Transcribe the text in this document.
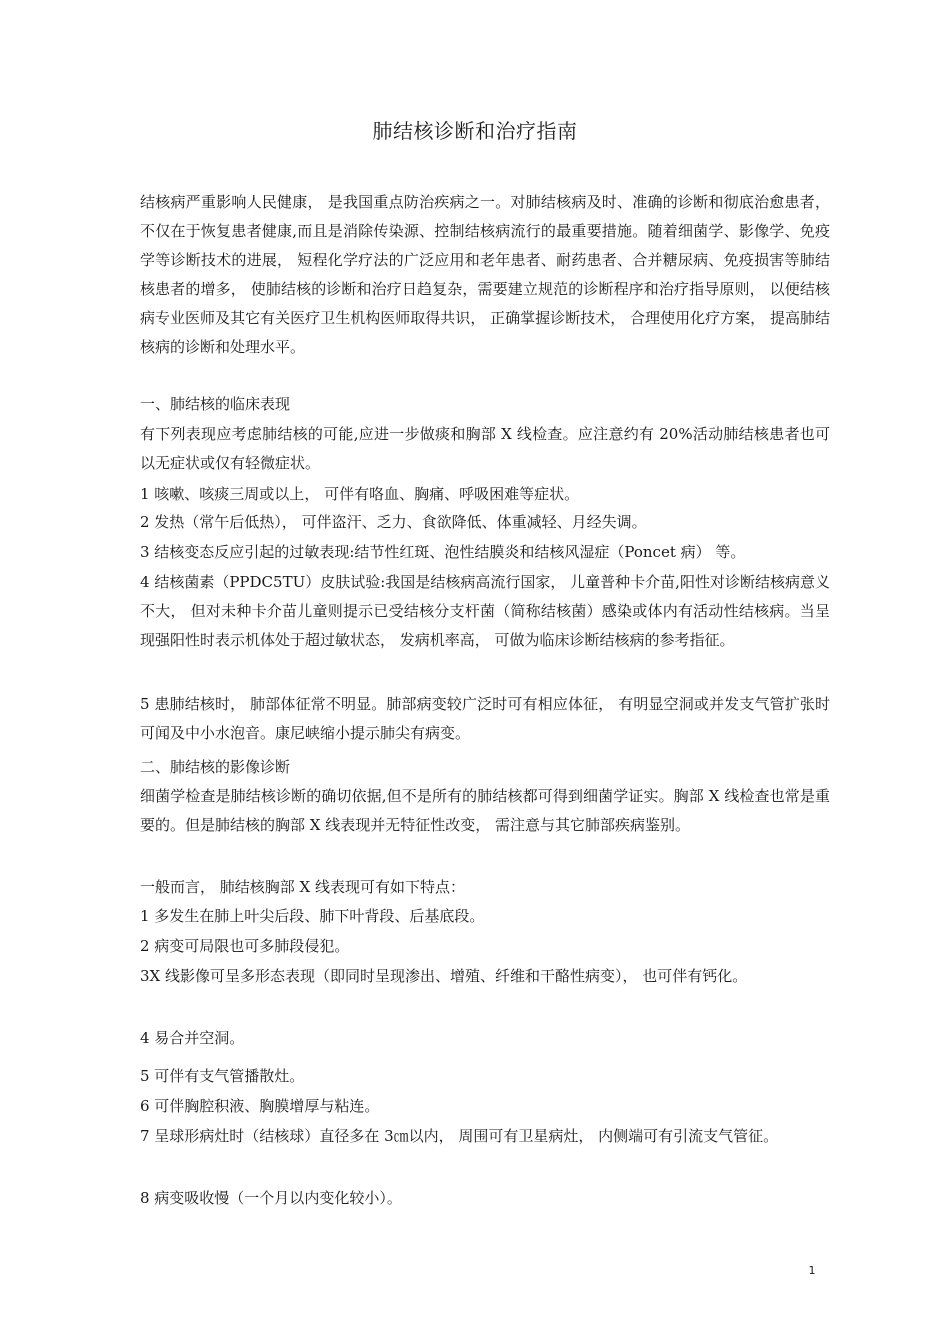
肺结核诊断和治疗指南

结核病严重影响人民健康， 是我国重点防治疾病之一。对肺结核病及时、准确的诊断和彻底治愈患者， 不仅在于恢复患者健康,而且是消除传染源、控制结核病流行的最重要措施。随着细菌学、影像学、免疫学等诊断技术的进展， 短程化学疗法的广泛应用和老年患者、耐药患者、合并糖尿病、免疫损害等肺结核患者的增多， 使肺结核的诊断和治疗日趋复杂，需要建立规范的诊断程序和治疗指导原则， 以便结核病专业医师及其它有关医疗卫生机构医师取得共识， 正确掌握诊断技术， 合理使用化疗方案， 提高肺结核病的诊断和处理水平。

一、肺结核的临床表现

有下列表现应考虑肺结核的可能,应进一步做痰和胸部 X 线检查。应注意约有 20%活动肺结核患者也可以无症状或仅有轻微症状。

1 咳嗽、咳痰三周或以上， 可伴有咯血、胸痛、呼吸困难等症状。

2 发热（常午后低热）， 可伴盗汗、乏力、食欲降低、体重减轻、月经失调。

3 结核变态反应引起的过敏表现:结节性红斑、泡性结膜炎和结核风湿症（Poncet 病） 等。

4 结核菌素（PPDC5TU）皮肤试验:我国是结核病高流行国家， 儿童普种卡介苗,阳性对诊断结核病意义不大， 但对未种卡介苗儿童则提示已受结核分支杆菌（简称结核菌）感染或体内有活动性结核病。当呈现强阳性时表示机体处于超过敏状态， 发病机率高， 可做为临床诊断结核病的参考指征。

5 患肺结核时， 肺部体征常不明显。肺部病变较广泛时可有相应体征， 有明显空洞或并发支气管扩张时可闻及中小水泡音。康尼峡缩小提示肺尖有病变。

二、肺结核的影像诊断

细菌学检查是肺结核诊断的确切依据,但不是所有的肺结核都可得到细菌学证实。胸部 X 线检查也常是重要的。但是肺结核的胸部 X 线表现并无特征性改变， 需注意与其它肺部疾病鉴别。

一般而言， 肺结核胸部 X 线表现可有如下特点：

1 多发生在肺上叶尖后段、肺下叶背段、后基底段。

2 病变可局限也可多肺段侵犯。

3X 线影像可呈多形态表现（即同时呈现渗出、增殖、纤维和干酪性病变）， 也可伴有钙化。

4 易合并空洞。

5 可伴有支气管播散灶。

6 可伴胸腔积液、胸膜增厚与粘连。

7 呈球形病灶时（结核球）直径多在 3㎝以内， 周围可有卫星病灶， 内侧端可有引流支气管征。

8 病变吸收慢（一个月以内变化较小）。

1
